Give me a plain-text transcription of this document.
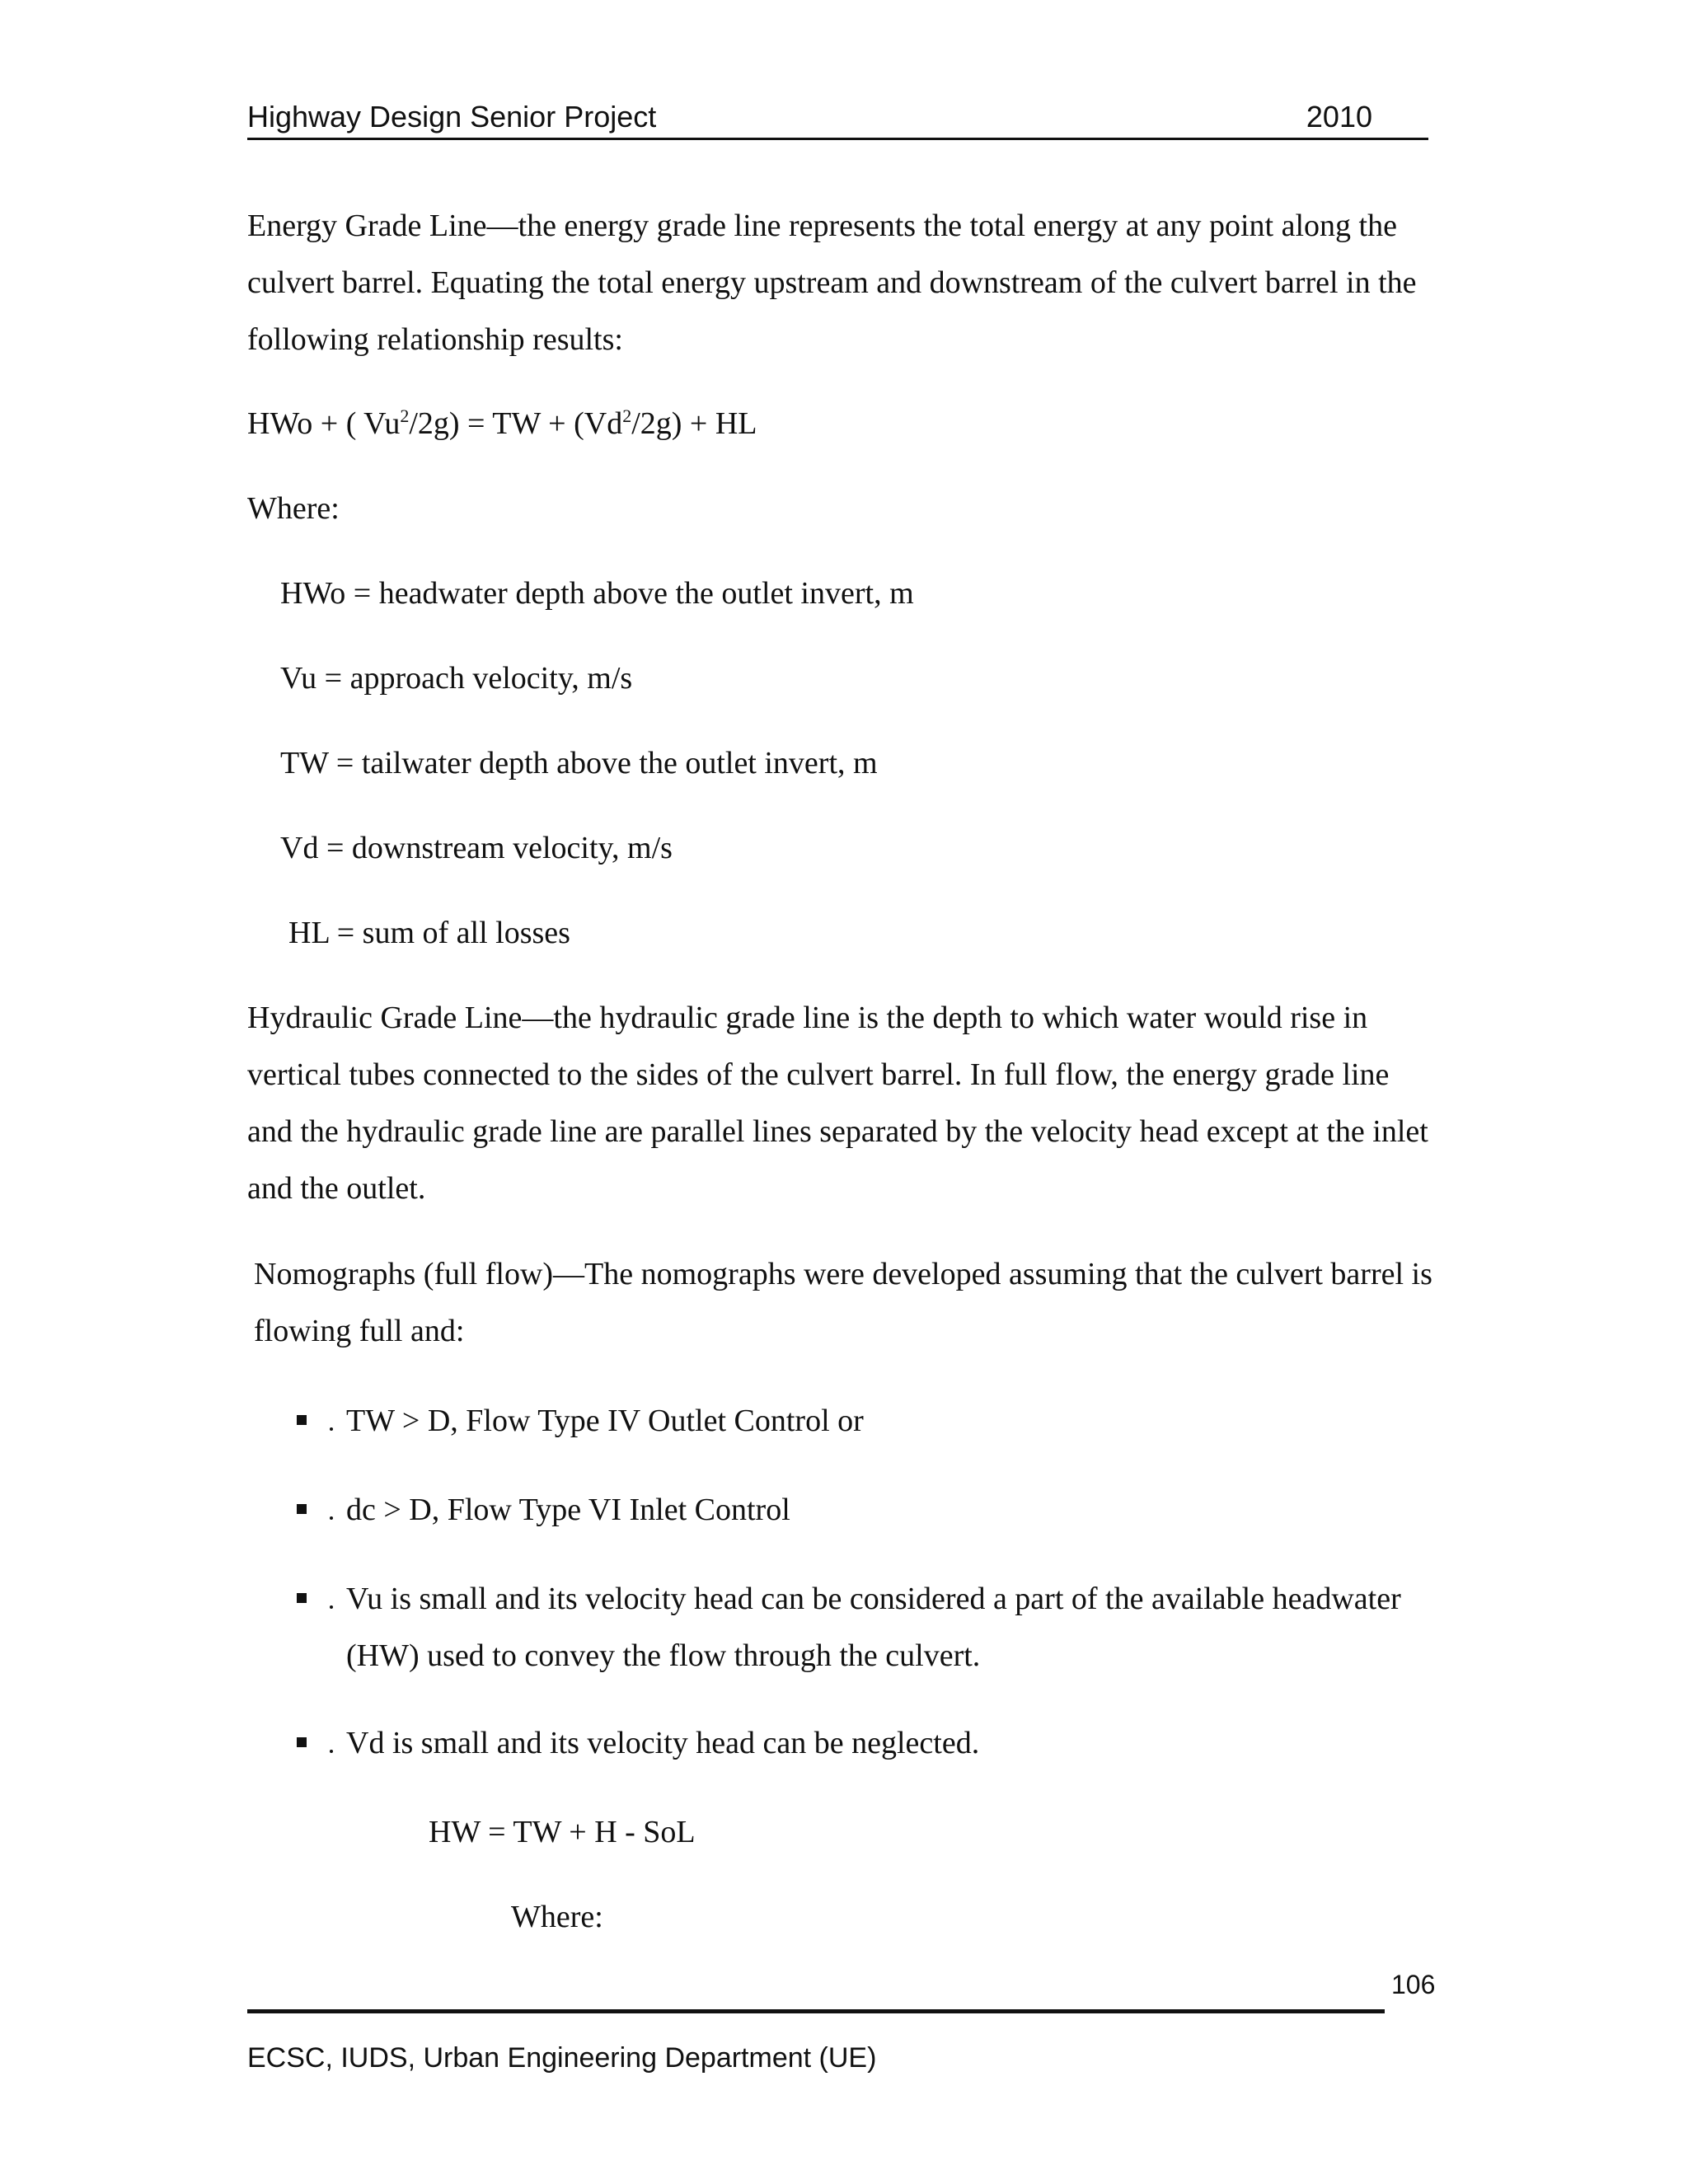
Highway Design Senior Project	2010
Energy Grade Line—the energy grade line represents the total energy at any point along the culvert barrel. Equating the total energy upstream and downstream of the culvert barrel in the following relationship results:
HWo + ( $Vu^2/2g$) = TW + $(Vd^2/2g)$ + HL
Where:
HWo = headwater depth above the outlet invert, m
Vu = approach velocity, m/s
TW = tailwater depth above the outlet invert, m
Vd = downstream velocity, m/s
HL = sum of all losses
Hydraulic Grade Line—the hydraulic grade line is the depth to which water would rise in vertical tubes connected to the sides of the culvert barrel. In full flow, the energy grade line and the hydraulic grade line are parallel lines separated by the velocity head except at the inlet and the outlet.
Nomographs (full flow)—The nomographs were developed assuming that the culvert barrel is flowing full and:
TW > D, Flow Type IV Outlet Control or
dc > D, Flow Type VI Inlet Control
Vu is small and its velocity head can be considered a part of the available headwater (HW) used to convey the flow through the culvert.
Vd is small and its velocity head can be neglected.
HW = TW + H - SoL
Where:
106
ECSC, IUDS, Urban Engineering Department (UE)
